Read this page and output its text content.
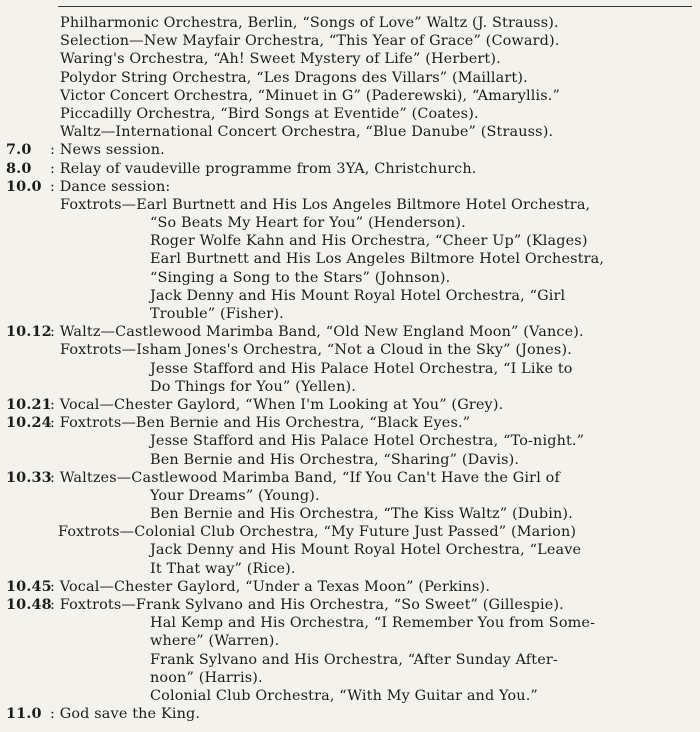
Philharmonic Orchestra, Berlin, “Songs of Love” Waltz (J. Strauss).
Selection—New Mayfair Orchestra, “This Year of Grace” (Coward).
Waring's Orchestra, “Ah! Sweet Mystery of Life” (Herbert).
Polydor String Orchestra, “Les Dragons des Villars” (Maillart).
Victor Concert Orchestra, “Minuet in G” (Paderewski), “Amaryllis.”
Piccadilly Orchestra, “Bird Songs at Eventide” (Coates).
Waltz—International Concert Orchestra, “Blue Danube” (Strauss).
7.0 : News session.
8.0 : Relay of vaudeville programme from 3YA, Christchurch.
10.0 : Dance session:
Foxtrots—Earl Burtnett and His Los Angeles Biltmore Hotel Orchestra,
“So Beats My Heart for You” (Henderson).
Roger Wolfe Kahn and His Orchestra, “Cheer Up” (Klages)
Earl Burtnett and His Los Angeles Biltmore Hotel Orchestra,
“Singing a Song to the Stars” (Johnson).
Jack Denny and His Mount Royal Hotel Orchestra, “Girl
Trouble” (Fisher).
10.12
: Waltz—Castlewood Marimba Band, “Old New England Moon” (Vance).
Foxtrots—Isham Jones's Orchestra, “Not a Cloud in the Sky” (Jones).
Jesse Stafford and His Palace Hotel Orchestra, “I Like to
Do Things for You” (Yellen).
10.21
: Vocal—Chester Gaylord, “When I'm Looking at You” (Grey).
10.24
: Foxtrots—Ben Bernie and His Orchestra, “Black Eyes.”
Jesse Stafford and His Palace Hotel Orchestra, “To-night.”
Ben Bernie and His Orchestra, “Sharing” (Davis).
10.33
: Waltzes—Castlewood Marimba Band, “If You Can't Have the Girl of
Your Dreams” (Young).
Ben Bernie and His Orchestra, “The Kiss Waltz” (Dubin).
Foxtrots—Colonial Club Orchestra, “My Future Just Passed” (Marion)
Jack Denny and His Mount Royal Hotel Orchestra, “Leave
It That way” (Rice).
10.45
: Vocal—Chester Gaylord, “Under a Texas Moon” (Perkins).
10.48
: Foxtrots—Frank Sylvano and His Orchestra, “So Sweet” (Gillespie).
Hal Kemp and His Orchestra, “I Remember You from Some-
where” (Warren).
Frank Sylvano and His Orchestra, “After Sunday After-
noon” (Harris).
Colonial Club Orchestra, “With My Guitar and You.”
11.0 : God save the King.
